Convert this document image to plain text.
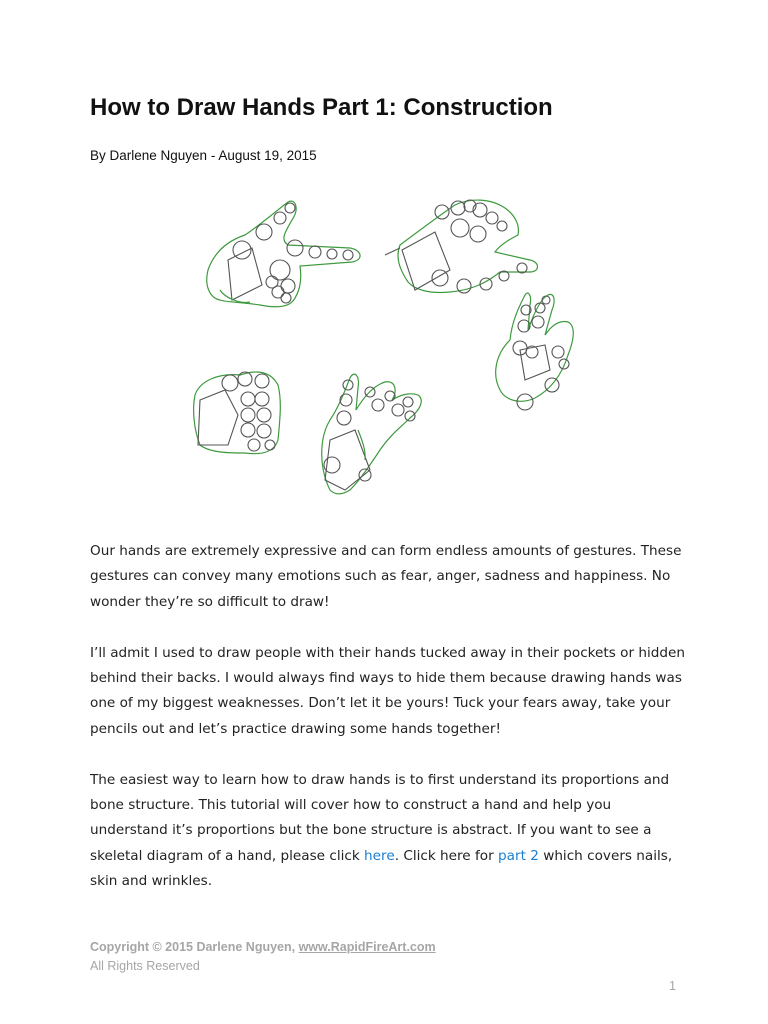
How to Draw Hands Part 1: Construction
By Darlene Nguyen - August 19, 2015

Our hands are extremely expressive and can form endless amounts of gestures. These gestures can convey many emotions such as fear, anger, sadness and happiness. No wonder they’re so difficult to draw!

I’ll admit I used to draw people with their hands tucked away in their pockets or hidden behind their backs. I would always find ways to hide them because drawing hands was one of my biggest weaknesses. Don’t let it be yours! Tuck your fears away, take your pencils out and let’s practice drawing some hands together!

The easiest way to learn how to draw hands is to first understand its proportions and bone structure. This tutorial will cover how to construct a hand and help you understand it’s proportions but the bone structure is abstract. If you want to see a skeletal diagram of a hand, please click here. Click here for part 2 which covers nails, skin and wrinkles.

Copyright © 2015 Darlene Nguyen, www.RapidFireArt.com
All Rights Reserved
1
